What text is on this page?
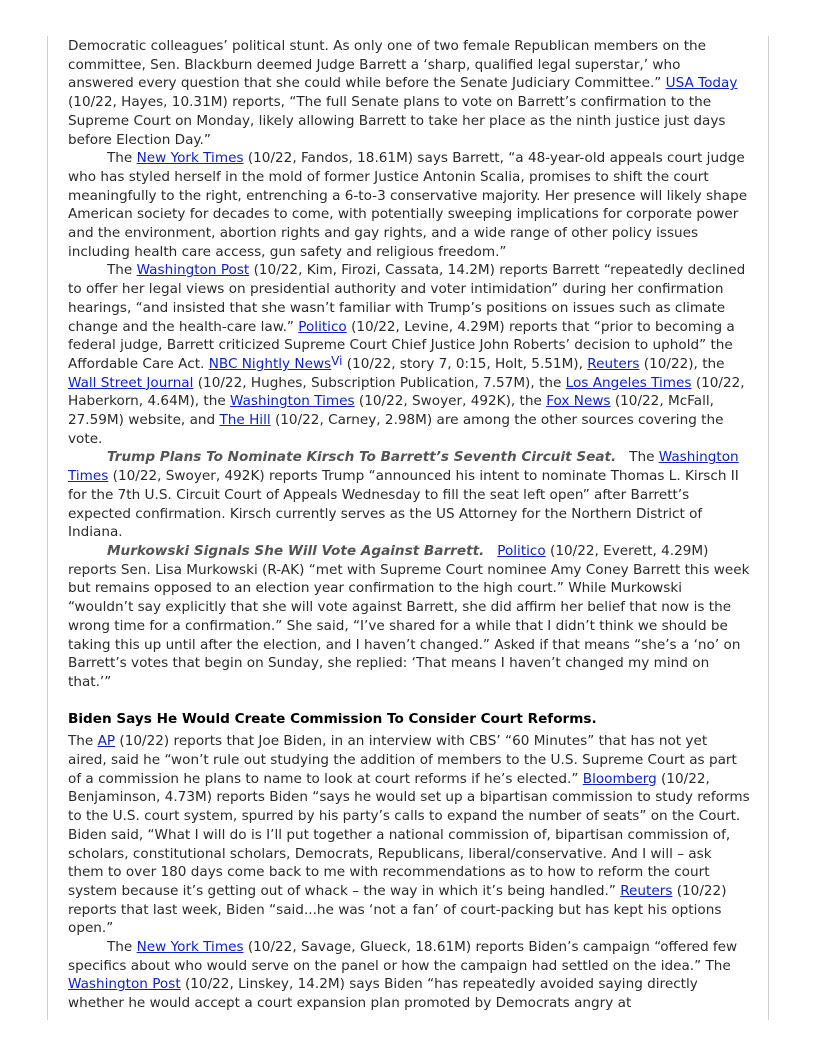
Democratic colleagues’ political stunt. As only one of two female Republican members on the committee, Sen. Blackburn deemed Judge Barrett a ‘sharp, qualified legal superstar,’ who answered every question that she could while before the Senate Judiciary Committee.” USA Today (10/22, Hayes, 10.31M) reports, “The full Senate plans to vote on Barrett’s confirmation to the Supreme Court on Monday, likely allowing Barrett to take her place as the ninth justice just days before Election Day.”

The New York Times (10/22, Fandos, 18.61M) says Barrett, “a 48-year-old appeals court judge who has styled herself in the mold of former Justice Antonin Scalia, promises to shift the court meaningfully to the right, entrenching a 6-to-3 conservative majority. Her presence will likely shape American society for decades to come, with potentially sweeping implications for corporate power and the environment, abortion rights and gay rights, and a wide range of other policy issues including health care access, gun safety and religious freedom.”

The Washington Post (10/22, Kim, Firozi, Cassata, 14.2M) reports Barrett “repeatedly declined to offer her legal views on presidential authority and voter intimidation” during her confirmation hearings, “and insisted that she wasn’t familiar with Trump’s positions on issues such as climate change and the health-care law.” Politico (10/22, Levine, 4.29M) reports that “prior to becoming a federal judge, Barrett criticized Supreme Court Chief Justice John Roberts’ decision to uphold” the Affordable Care Act. NBC Nightly News$^{Vi}$ (10/22, story 7, 0:15, Holt, 5.51M), Reuters (10/22), the Wall Street Journal (10/22, Hughes, Subscription Publication, 7.57M), the Los Angeles Times (10/22, Haberkorn, 4.64M), the Washington Times (10/22, Swoyer, 492K), the Fox News (10/22, McFall, 27.59M) website, and The Hill (10/22, Carney, 2.98M) are among the other sources covering the vote.

Trump Plans To Nominate Kirsch To Barrett’s Seventh Circuit Seat.   The Washington Times (10/22, Swoyer, 492K) reports Trump “announced his intent to nominate Thomas L. Kirsch II for the 7th U.S. Circuit Court of Appeals Wednesday to fill the seat left open” after Barrett’s expected confirmation. Kirsch currently serves as the US Attorney for the Northern District of Indiana.

Murkowski Signals She Will Vote Against Barrett. Politico (10/22, Everett, 4.29M) reports Sen. Lisa Murkowski (R-AK) “met with Supreme Court nominee Amy Coney Barrett this week but remains opposed to an election year confirmation to the high court.” While Murkowski “wouldn’t say explicitly that she will vote against Barrett, she did affirm her belief that now is the wrong time for a confirmation.” She said, “I’ve shared for a while that I didn’t think we should be taking this up until after the election, and I haven’t changed.” Asked if that means “she’s a ‘no’ on Barrett’s votes that begin on Sunday, she replied: ‘That means I haven’t changed my mind on that.’”

Biden Says He Would Create Commission To Consider Court Reforms.

The AP (10/22) reports that Joe Biden, in an interview with CBS’ “60 Minutes” that has not yet aired, said he “won’t rule out studying the addition of members to the U.S. Supreme Court as part of a commission he plans to name to look at court reforms if he’s elected.” Bloomberg (10/22, Benjaminson, 4.73M) reports Biden “says he would set up a bipartisan commission to study reforms to the U.S. court system, spurred by his party’s calls to expand the number of seats” on the Court. Biden said, “What I will do is I’ll put together a national commission of, bipartisan commission of, scholars, constitutional scholars, Democrats, Republicans, liberal/conservative. And I will – ask them to over 180 days come back to me with recommendations as to how to reform the court system because it’s getting out of whack – the way in which it’s being handled.” Reuters (10/22) reports that last week, Biden “said...he was ‘not a fan’ of court-packing but has kept his options open.”

The New York Times (10/22, Savage, Glueck, 18.61M) reports Biden’s campaign “offered few specifics about who would serve on the panel or how the campaign had settled on the idea.” The Washington Post (10/22, Linskey, 14.2M) says Biden “has repeatedly avoided saying directly whether he would accept a court expansion plan promoted by Democrats angry at
